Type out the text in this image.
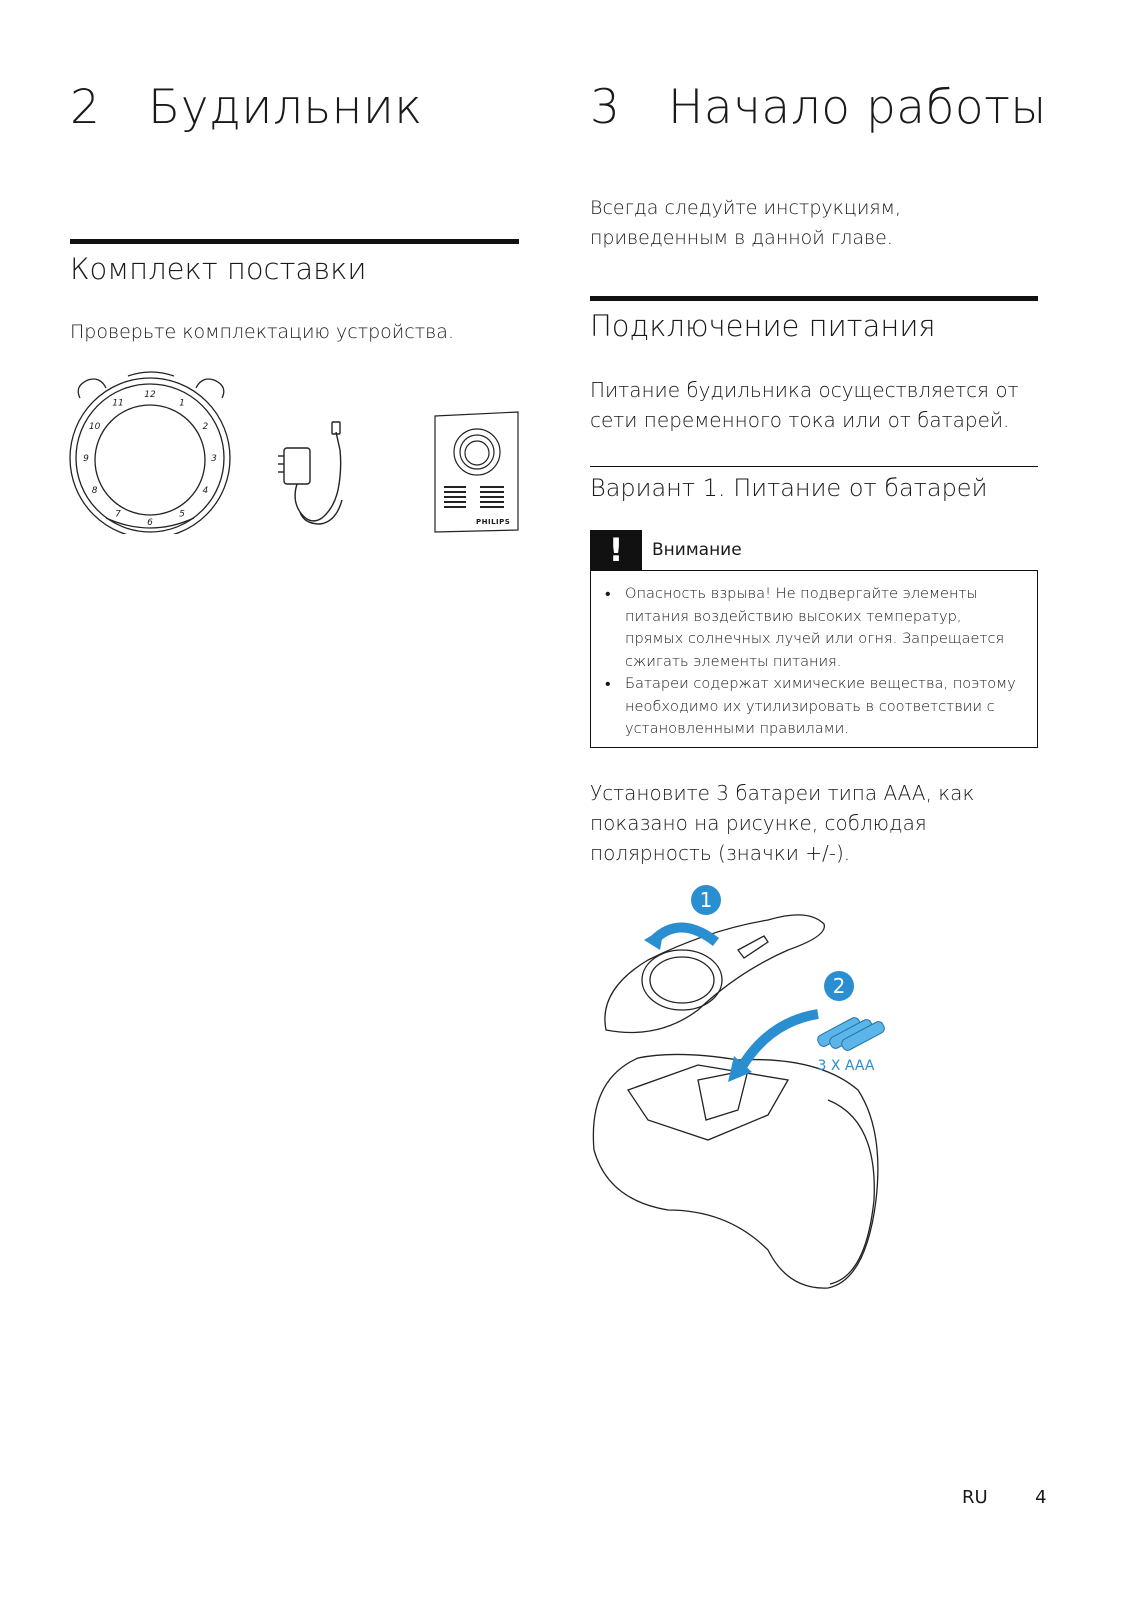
2 Будильник
Комплект поставки
Проверьте комплектацию устройства.
12
1
2
3
4
5
6
7
8
9
10
11
PHILIPS
3 Начало работы
Всегда следуйте инструкциям, приведенным в данной главе.
Подключение питания
Питание будильника осуществляется от сети переменного тока или от батарей.
Вариант 1. Питание от батарей
!	Внимание
• Опасность взрыва! Не подвергайте элементы питания воздействию высоких температур, прямых солнечных лучей или огня. Запрещается сжигать элементы питания.
• Батареи содержат химические вещества, поэтому необходимо их утилизировать в соответствии с установленными правилами.
Установите 3 батареи типа AAA, как показано на рисунке, соблюдая полярность (значки +/-).
1
2
3 X AAA
RU	4
